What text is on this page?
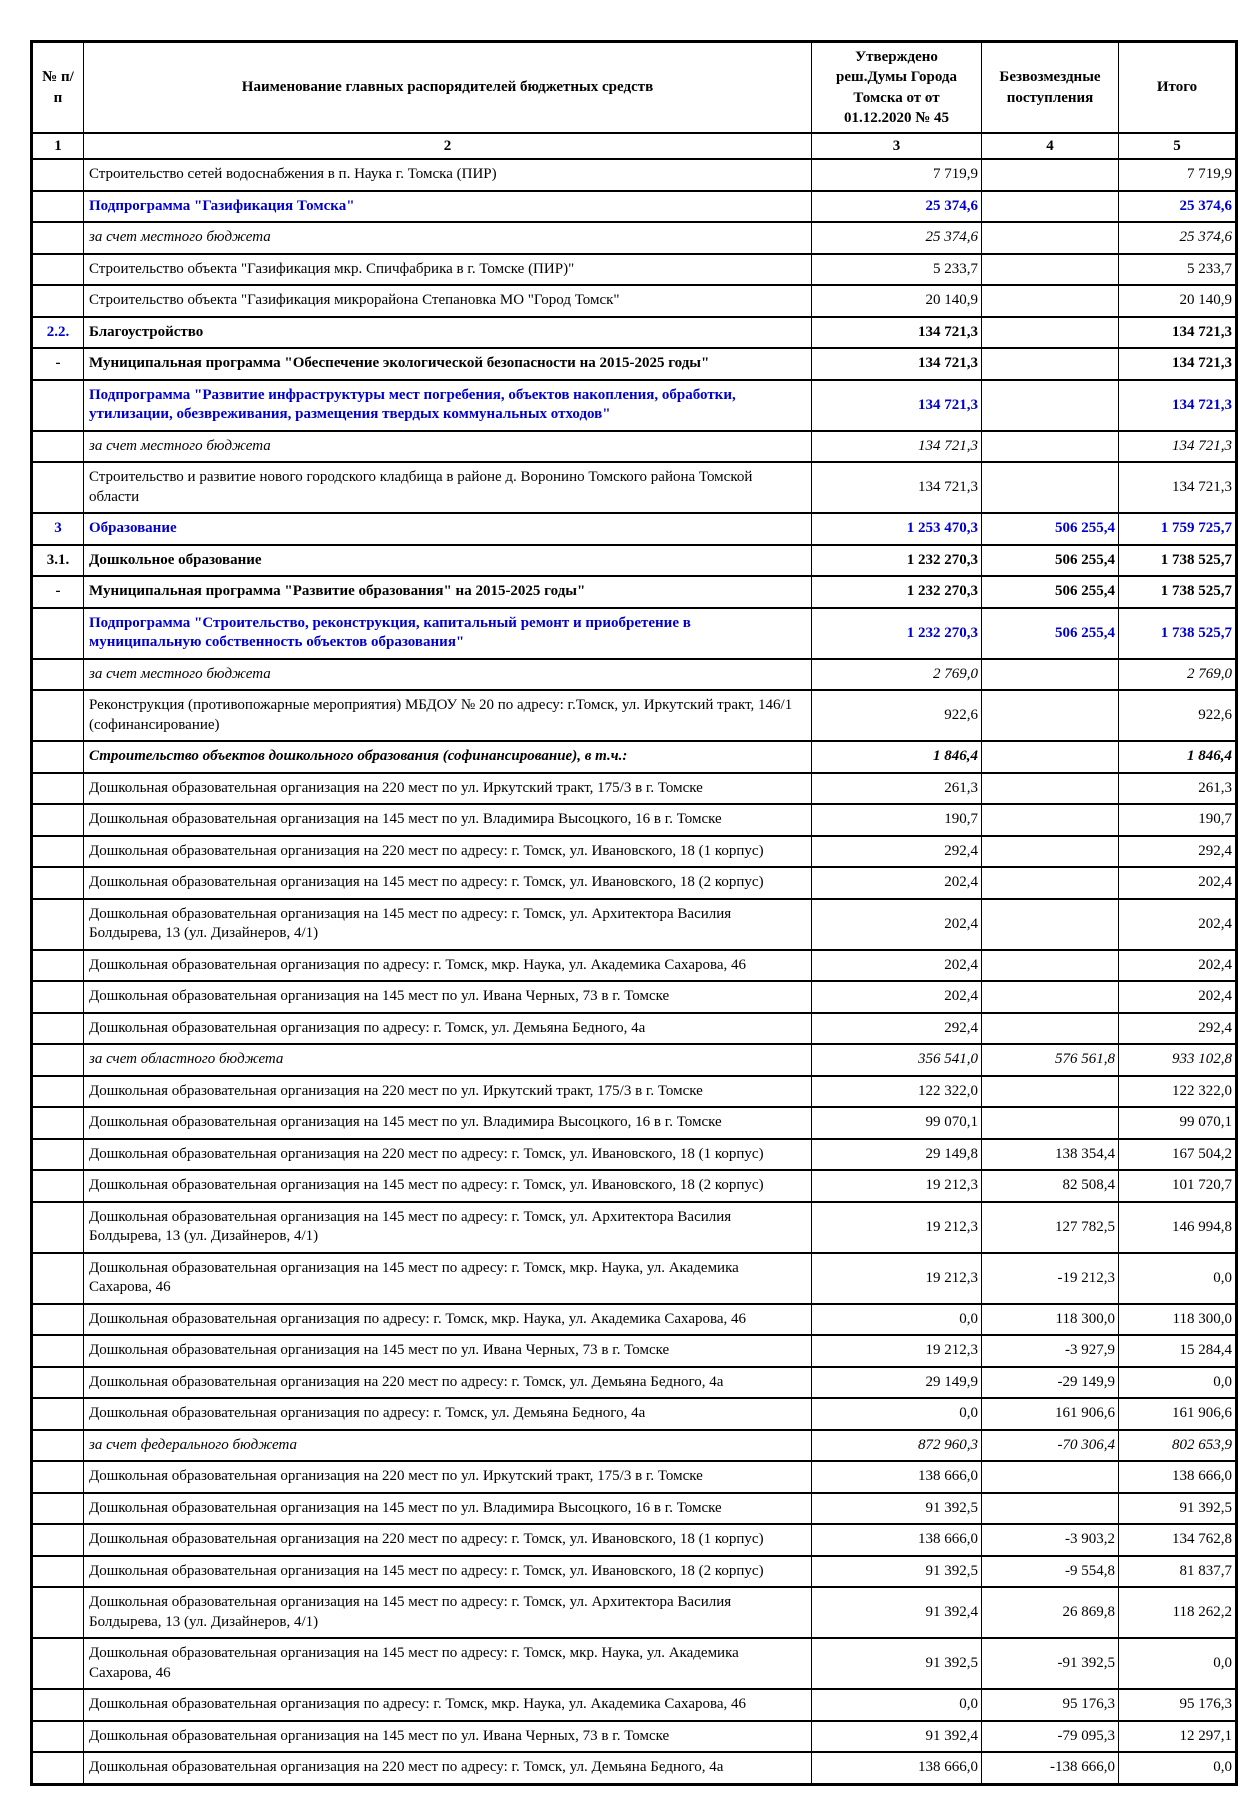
№ п/п	Наименование главных распорядителей бюджетных средств	Утверждено реш.Думы Города Томска от от 01.12.2020 № 45	Безвозмездные поступления	Итого
1	2	3	4	5
	Строительство сетей водоснабжения в п. Наука г. Томска (ПИР)	7 719,9		7 719,9
	Подпрограмма "Газификация Томска"	25 374,6		25 374,6
	за счет местного бюджета	25 374,6		25 374,6
	Строительство объекта "Газификация мкр. Спичфабрика в г. Томске (ПИР)"	5 233,7		5 233,7
	Строительство объекта "Газификация микрорайона Степановка МО "Город Томск"	20 140,9		20 140,9
2.2.	Благоустройство	134 721,3		134 721,3
-	Муниципальная программа "Обеспечение экологической безопасности на 2015-2025 годы"	134 721,3		134 721,3
	Подпрограмма "Развитие инфраструктуры мест погребения, объектов накопления, обработки, утилизации, обезвреживания, размещения твердых коммунальных отходов"	134 721,3		134 721,3
	за счет местного бюджета	134 721,3		134 721,3
	Строительство и развитие нового городского кладбища в районе д. Воронино Томского района Томской области	134 721,3		134 721,3
3	Образование	1 253 470,3	506 255,4	1 759 725,7
3.1.	Дошкольное образование	1 232 270,3	506 255,4	1 738 525,7
-	Муниципальная программа "Развитие образования" на 2015-2025 годы"	1 232 270,3	506 255,4	1 738 525,7
	Подпрограмма "Строительство, реконструкция, капитальный ремонт и приобретение в муниципальную собственность объектов образования"	1 232 270,3	506 255,4	1 738 525,7
	за счет местного бюджета	2 769,0		2 769,0
	Реконструкция (противопожарные мероприятия) МБДОУ № 20 по адресу: г.Томск, ул. Иркутский тракт, 146/1 (софинансирование)	922,6		922,6
	Строительство объектов дошкольного образования (софинансирование), в т.ч.:	1 846,4		1 846,4
	Дошкольная образовательная организация на 220 мест по ул. Иркутский тракт, 175/3 в г. Томске	261,3		261,3
	Дошкольная образовательная организация на 145 мест по ул. Владимира Высоцкого, 16 в г. Томске	190,7		190,7
	Дошкольная образовательная организация на 220 мест по адресу: г. Томск, ул. Ивановского, 18 (1 корпус)	292,4		292,4
	Дошкольная образовательная организация на 145 мест по адресу: г. Томск, ул. Ивановского, 18 (2 корпус)	202,4		202,4
	Дошкольная образовательная организация на 145 мест по адресу: г. Томск, ул. Архитектора Василия Болдырева, 13 (ул. Дизайнеров, 4/1)	202,4		202,4
	Дошкольная образовательная организация по адресу: г. Томск, мкр. Наука, ул. Академика Сахарова, 46	202,4		202,4
	Дошкольная образовательная организация на 145 мест по ул. Ивана Черных, 73 в г. Томске	202,4		202,4
	Дошкольная образовательная организация по адресу: г. Томск, ул. Демьяна Бедного, 4а	292,4		292,4
	за счет областного бюджета	356 541,0	576 561,8	933 102,8
	Дошкольная образовательная организация на 220 мест по ул. Иркутский тракт, 175/3 в г. Томске	122 322,0		122 322,0
	Дошкольная образовательная организация на 145 мест по ул. Владимира Высоцкого, 16 в г. Томске	99 070,1		99 070,1
	Дошкольная образовательная организация на 220 мест по адресу: г. Томск, ул. Ивановского, 18 (1 корпус)	29 149,8	138 354,4	167 504,2
	Дошкольная образовательная организация на 145 мест по адресу: г. Томск, ул. Ивановского, 18 (2 корпус)	19 212,3	82 508,4	101 720,7
	Дошкольная образовательная организация на 145 мест по адресу: г. Томск, ул. Архитектора Василия Болдырева, 13 (ул. Дизайнеров, 4/1)	19 212,3	127 782,5	146 994,8
	Дошкольная образовательная организация на 145 мест по адресу: г. Томск, мкр. Наука, ул. Академика Сахарова, 46	19 212,3	-19 212,3	0,0
	Дошкольная образовательная организация по адресу: г. Томск, мкр. Наука, ул. Академика Сахарова, 46	0,0	118 300,0	118 300,0
	Дошкольная образовательная организация на 145 мест по ул. Ивана Черных, 73 в г. Томске	19 212,3	-3 927,9	15 284,4
	Дошкольная образовательная организация на 220 мест по адресу: г. Томск, ул. Демьяна Бедного, 4а	29 149,9	-29 149,9	0,0
	Дошкольная образовательная организация по адресу: г. Томск, ул. Демьяна Бедного, 4а	0,0	161 906,6	161 906,6
	за счет федерального бюджета	872 960,3	-70 306,4	802 653,9
	Дошкольная образовательная организация на 220 мест по ул. Иркутский тракт, 175/3 в г. Томске	138 666,0		138 666,0
	Дошкольная образовательная организация на 145 мест по ул. Владимира Высоцкого, 16 в г. Томске	91 392,5		91 392,5
	Дошкольная образовательная организация на 220 мест по адресу: г. Томск, ул. Ивановского, 18 (1 корпус)	138 666,0	-3 903,2	134 762,8
	Дошкольная образовательная организация на 145 мест по адресу: г. Томск, ул. Ивановского, 18 (2 корпус)	91 392,5	-9 554,8	81 837,7
	Дошкольная образовательная организация на 145 мест по адресу: г. Томск, ул. Архитектора Василия Болдырева, 13 (ул. Дизайнеров, 4/1)	91 392,4	26 869,8	118 262,2
	Дошкольная образовательная организация на 145 мест по адресу: г. Томск, мкр. Наука, ул. Академика Сахарова, 46	91 392,5	-91 392,5	0,0
	Дошкольная образовательная организация по адресу: г. Томск, мкр. Наука, ул. Академика Сахарова, 46	0,0	95 176,3	95 176,3
	Дошкольная образовательная организация на 145 мест по ул. Ивана Черных, 73 в г. Томске	91 392,4	-79 095,3	12 297,1
	Дошкольная образовательная организация на 220 мест по адресу: г. Томск, ул. Демьяна Бедного, 4а	138 666,0	-138 666,0	0,0
